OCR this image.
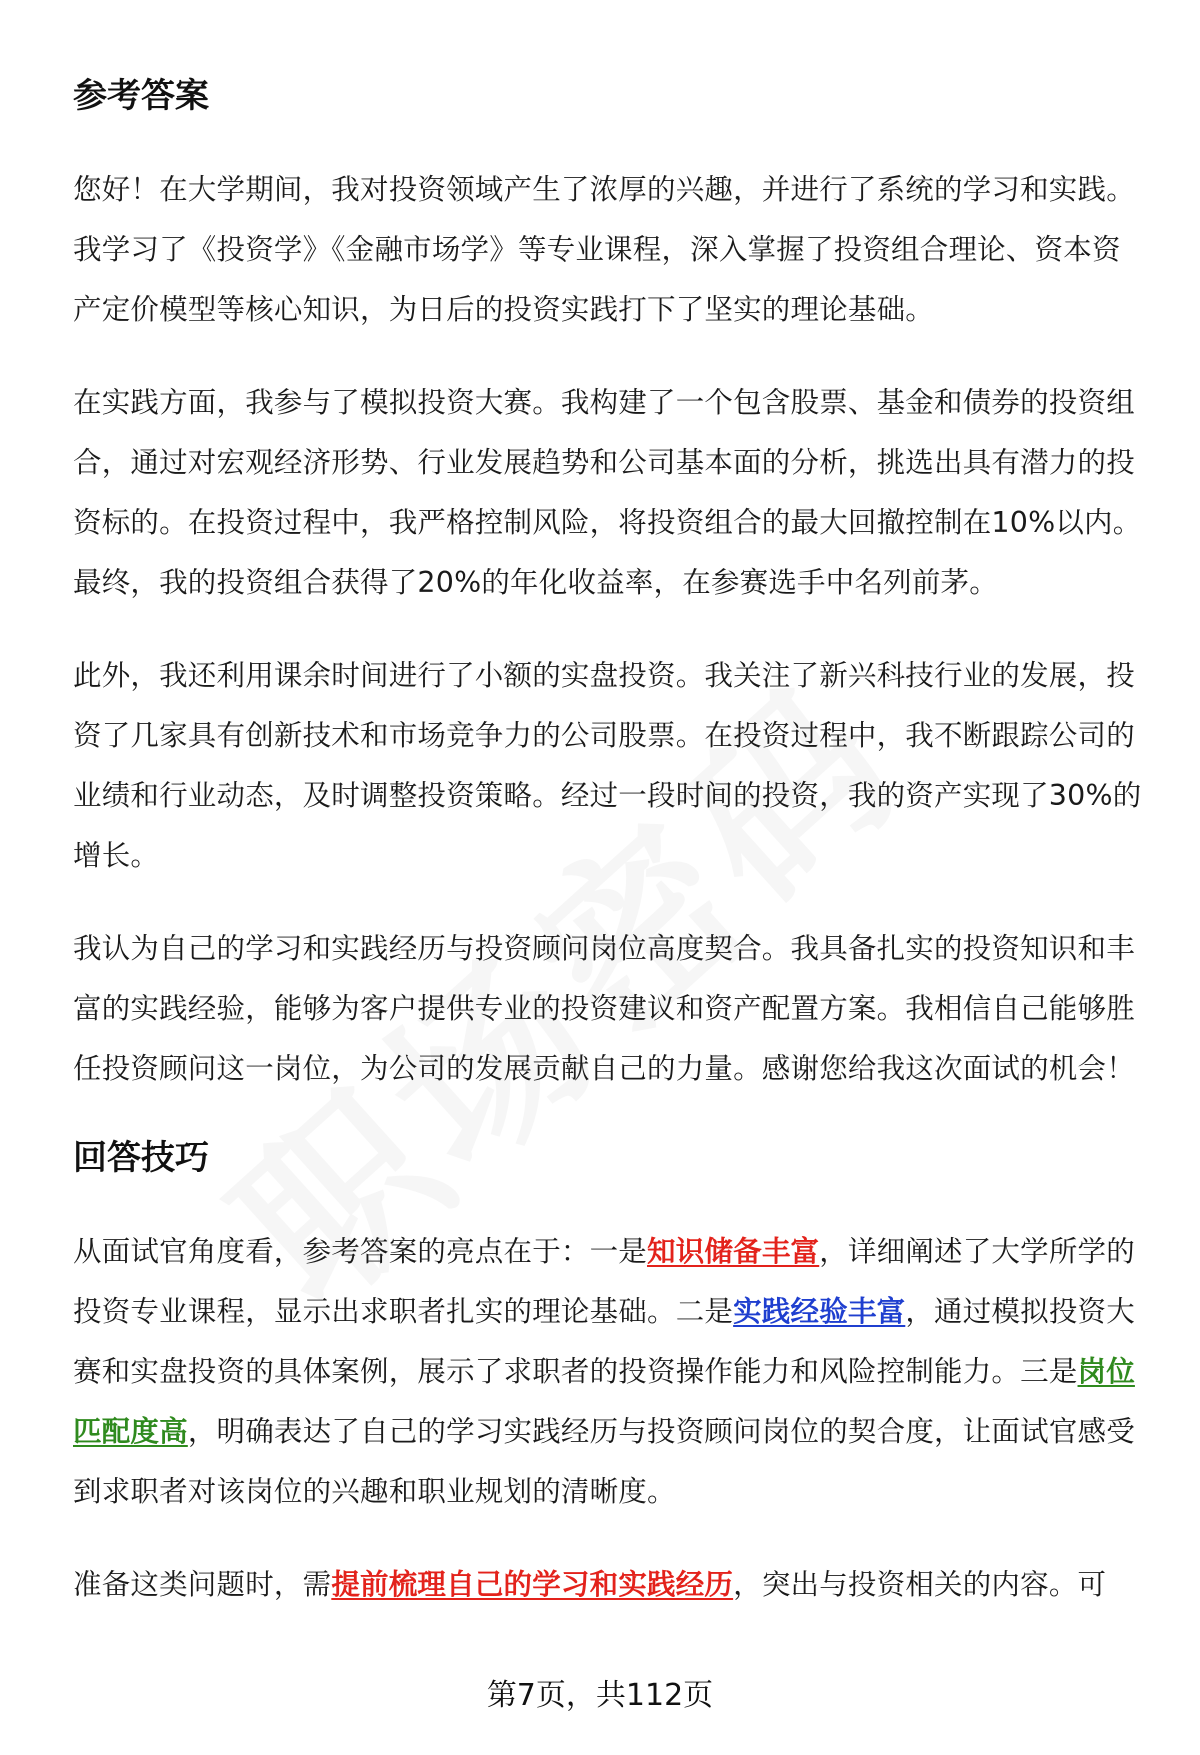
参考答案

您好！在大学期间，我对投资领域产生了浓厚的兴趣，并进行了系统的学习和实践。我学习了《投资学》《金融市场学》等专业课程，深入掌握了投资组合理论、资本资产定价模型等核心知识，为日后的投资实践打下了坚实的理论基础。

在实践方面，我参与了模拟投资大赛。我构建了一个包含股票、基金和债券的投资组合，通过对宏观经济形势、行业发展趋势和公司基本面的分析，挑选出具有潜力的投资标的。在投资过程中，我严格控制风险，将投资组合的最大回撤控制在10%以内。最终，我的投资组合获得了20%的年化收益率，在参赛选手中名列前茅。

此外，我还利用课余时间进行了小额的实盘投资。我关注了新兴科技行业的发展，投资了几家具有创新技术和市场竞争力的公司股票。在投资过程中，我不断跟踪公司的业绩和行业动态，及时调整投资策略。经过一段时间的投资，我的资产实现了30%的增长。

我认为自己的学习和实践经历与投资顾问岗位高度契合。我具备扎实的投资知识和丰富的实践经验，能够为客户提供专业的投资建议和资产配置方案。我相信自己能够胜任投资顾问这一岗位，为公司的发展贡献自己的力量。感谢您给我这次面试的机会！

回答技巧

从面试官角度看，参考答案的亮点在于：一是知识储备丰富，详细阐述了大学所学的投资专业课程，显示出求职者扎实的理论基础。二是实践经验丰富，通过模拟投资大赛和实盘投资的具体案例，展示了求职者的投资操作能力和风险控制能力。三是岗位匹配度高，明确表达了自己的学习实践经历与投资顾问岗位的契合度，让面试官感受到求职者对该岗位的兴趣和职业规划的清晰度。

准备这类问题时，需提前梳理自己的学习和实践经历，突出与投资相关的内容。可

第7页，共112页
